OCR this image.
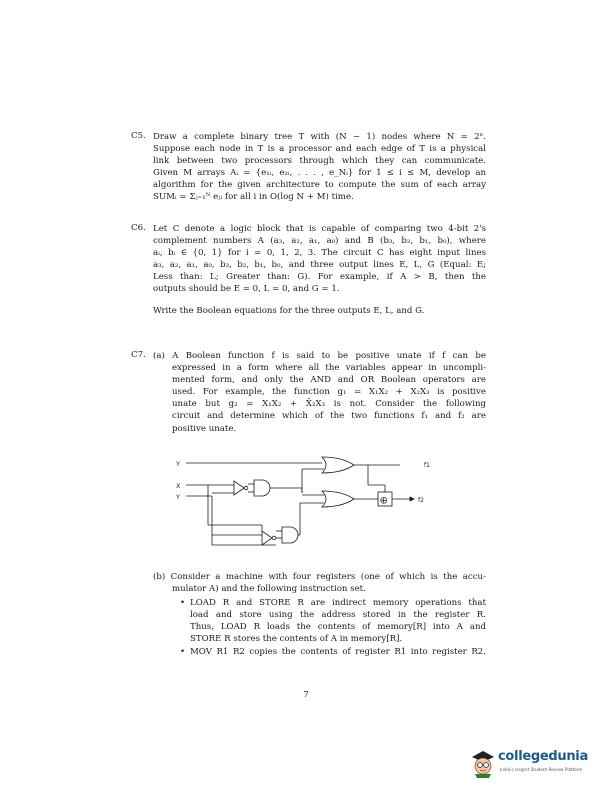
C5. Draw a complete binary tree T with (N − 1) nodes where N = 2ⁿ.
Suppose each node in T is a processor and each edge of T is a physical
link between two processors through which they can communicate.
Given M arrays Aᵢ = {e₁ᵢ, e₂ᵢ, . . . , e_Nᵢ} for 1 ≤ i ≤ M, develop an
algorithm for the given architecture to compute the sum of each array
SUMᵢ = Σⱼ₌₁ᴺ eⱼᵢ for all i in O(log N + M) time.
C6. Let C denote a logic block that is capable of comparing two 4-bit 2's
complement numbers A (a₃, a₂, a₁, a₀) and B (b₃, b₂, b₁, b₀), where
aᵢ, bᵢ ∈ {0, 1} for i = 0, 1, 2, 3. The circuit C has eight input lines
a₃, a₂, a₁, a₀, b₃, b₂, b₁, b₀, and three output lines E, L, G (Equal: E;
Less than: L; Greater than: G). For example, if A > B, then the
outputs should be E = 0, L = 0, and G = 1.
Write the Boolean equations for the three outputs E, L, and G.
C7. (a) A Boolean function f is said to be positive unate if f can be
expressed in a form where all the variables appear in uncompli-
mented form, and only the AND and OR Boolean operators are
used. For example, the function g₁ = X₁X₂ + X₂X₃ is positive
unate but g₂ = X₁X₂ + X̄₂X₃ is not. Consider the following
circuit and determine which of the two functions f₁ and f₂ are
positive unate.
Y
X
Y
f1
f2
⊕
(b) Consider a machine with four registers (one of which is the accu-
mulator A) and the following instruction set.
• LOAD R and STORE R are indirect memory operations that
load and store using the address stored in the register R.
Thus, LOAD R loads the contents of memory[R] into A and
STORE R stores the contents of A in memory[R].
• MOV R1 R2 copies the contents of register R1 into register R2.
7
collegedunia
India's largest Student Review Platform
